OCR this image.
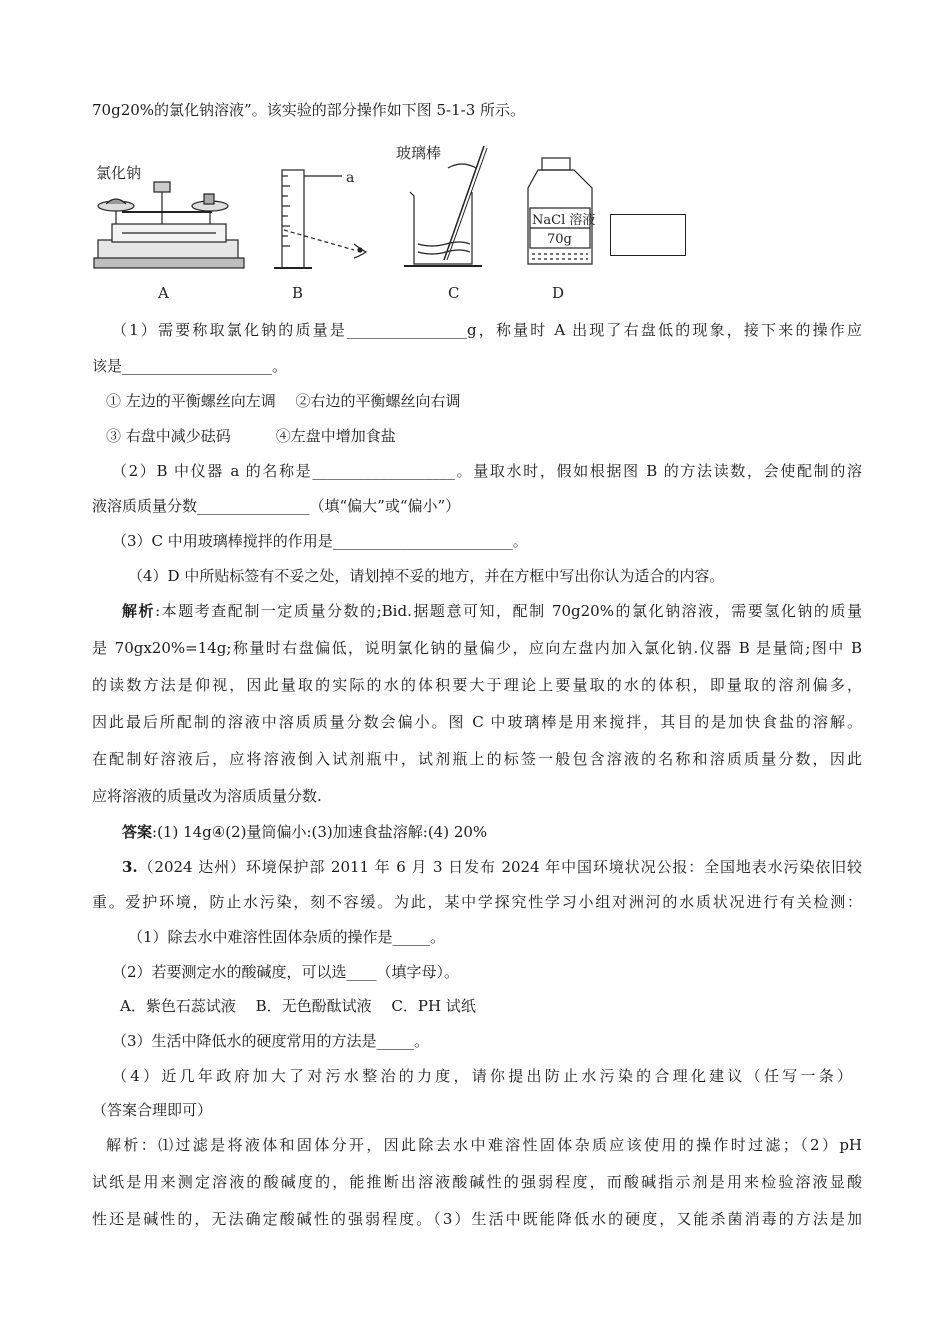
70g20%的氯化钠溶液”。该实验的部分操作如下图 5-1-3 所示。
氯化钠	a
玻璃棒
NaCl 溶液
70g
A	B	C	D
（1）需要称取氯化钠的质量是________________g，称量时 A 出现了右盘低的现象，接下来的操作应
该是____________________。
① 左边的平衡螺丝向左调　 ②右边的平衡螺丝向右调
③ 右盘中减少砝码　　　④左盘中增加食盐
（2）B 中仪器 a 的名称是___________________。量取水时，假如根据图 B 的方法读数，会使配制的溶
液溶质质量分数_______________（填“偏大”或“偏小”）
（3）C 中用玻璃棒搅拌的作用是________________________。
（4）D 中所贴标签有不妥之处，请划掉不妥的地方，并在方框中写出你认为适合的内容。
解析:本题考查配制一定质量分数的;Bid.据题意可知，配制 70g20%的氯化钠溶液，需要氢化钠的质量
是 70gx20%=14g;称量时右盘偏低，说明氯化钠的量偏少，应向左盘内加入氯化钠.仪器 B 是量筒;图中 B
的读数方法是仰视，因此量取的实际的水的体积要大于理论上要量取的水的体积，即量取的溶剂偏多，
因此最后所配制的溶液中溶质质量分数会偏小。图 C 中玻璃棒是用来搅拌，其目的是加快食盐的溶解。
在配制好溶液后，应将溶液倒入试剂瓶中，试剂瓶上的标签一般包含溶液的名称和溶质质量分数，因此
应将溶液的质量改为溶质质量分数.
答案:(1) 14g④(2)量筒偏小:(3)加速食盐溶解:(4) 20%
3.（2024 达州）环境保护部 2011 年 6 月 3 日发布 2024 年中国环境状况公报：全国地表水污染依旧较
重。爱护环境，防止水污染，刻不容缓。为此，某中学探究性学习小组对洲河的水质状况进行有关检测：
（1）除去水中难溶性固体杂质的操作是_____。
（2）若要测定水的酸碱度，可以选____（填字母）。
A．紫色石蕊试液　 B．无色酚酞试液　 C．PH 试纸
（3）生活中降低水的硬度常用的方法是_____。
（4）近几年政府加大了对污水整治的力度，请你提出防止水污染的合理化建议（任写一条）
（答案合理即可）
解析：⑴过滤是将液体和固体分开，因此除去水中难溶性固体杂质应该使用的操作时过滤；（2）pH
试纸是用来测定溶液的酸碱度的，能推断出溶液酸碱性的强弱程度，而酸碱指示剂是用来检验溶液显酸
性还是碱性的，无法确定酸碱性的强弱程度。（3）生活中既能降低水的硬度，又能杀菌消毒的方法是加
